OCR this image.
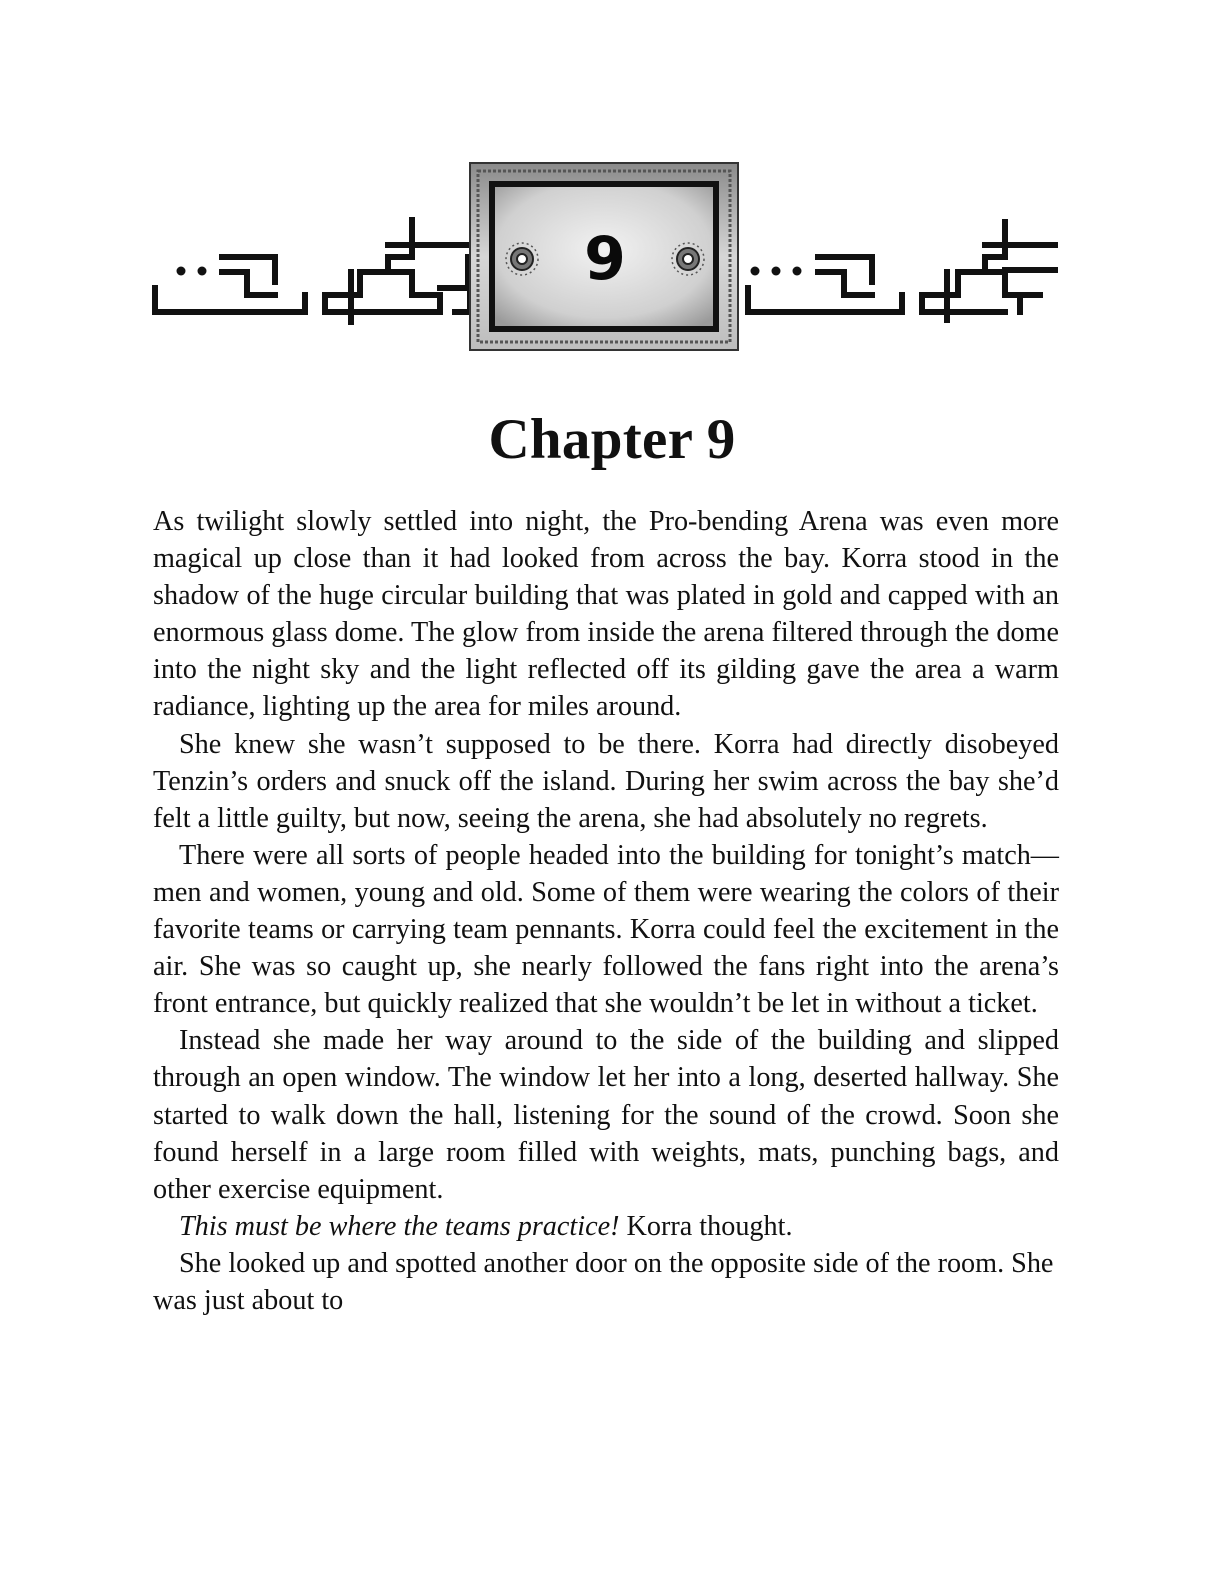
9
Chapter 9

As twilight slowly settled into night, the Pro-bending Arena was even more magical up close than it had looked from across the bay. Korra stood in the shadow of the huge circular building that was plated in gold and capped with an enormous glass dome. The glow from inside the arena filtered through the dome into the night sky and the light reflected off its gilding gave the area a warm radiance, lighting up the area for miles around.

She knew she wasn’t supposed to be there. Korra had directly disobeyed Tenzin’s orders and snuck off the island. During her swim across the bay she’d felt a little guilty, but now, seeing the arena, she had absolutely no regrets.

There were all sorts of people headed into the building for tonight’s match—men and women, young and old. Some of them were wearing the colors of their favorite teams or carrying team pennants. Korra could feel the excitement in the air. She was so caught up, she nearly followed the fans right into the arena’s front entrance, but quickly realized that she wouldn’t be let in without a ticket.

Instead she made her way around to the side of the building and slipped through an open window. The window let her into a long, deserted hallway. She started to walk down the hall, listening for the sound of the crowd. Soon she found herself in a large room filled with weights, mats, punching bags, and other exercise equipment.

This must be where the teams practice! Korra thought.

She looked up and spotted another door on the opposite side of the room. She was just about to
